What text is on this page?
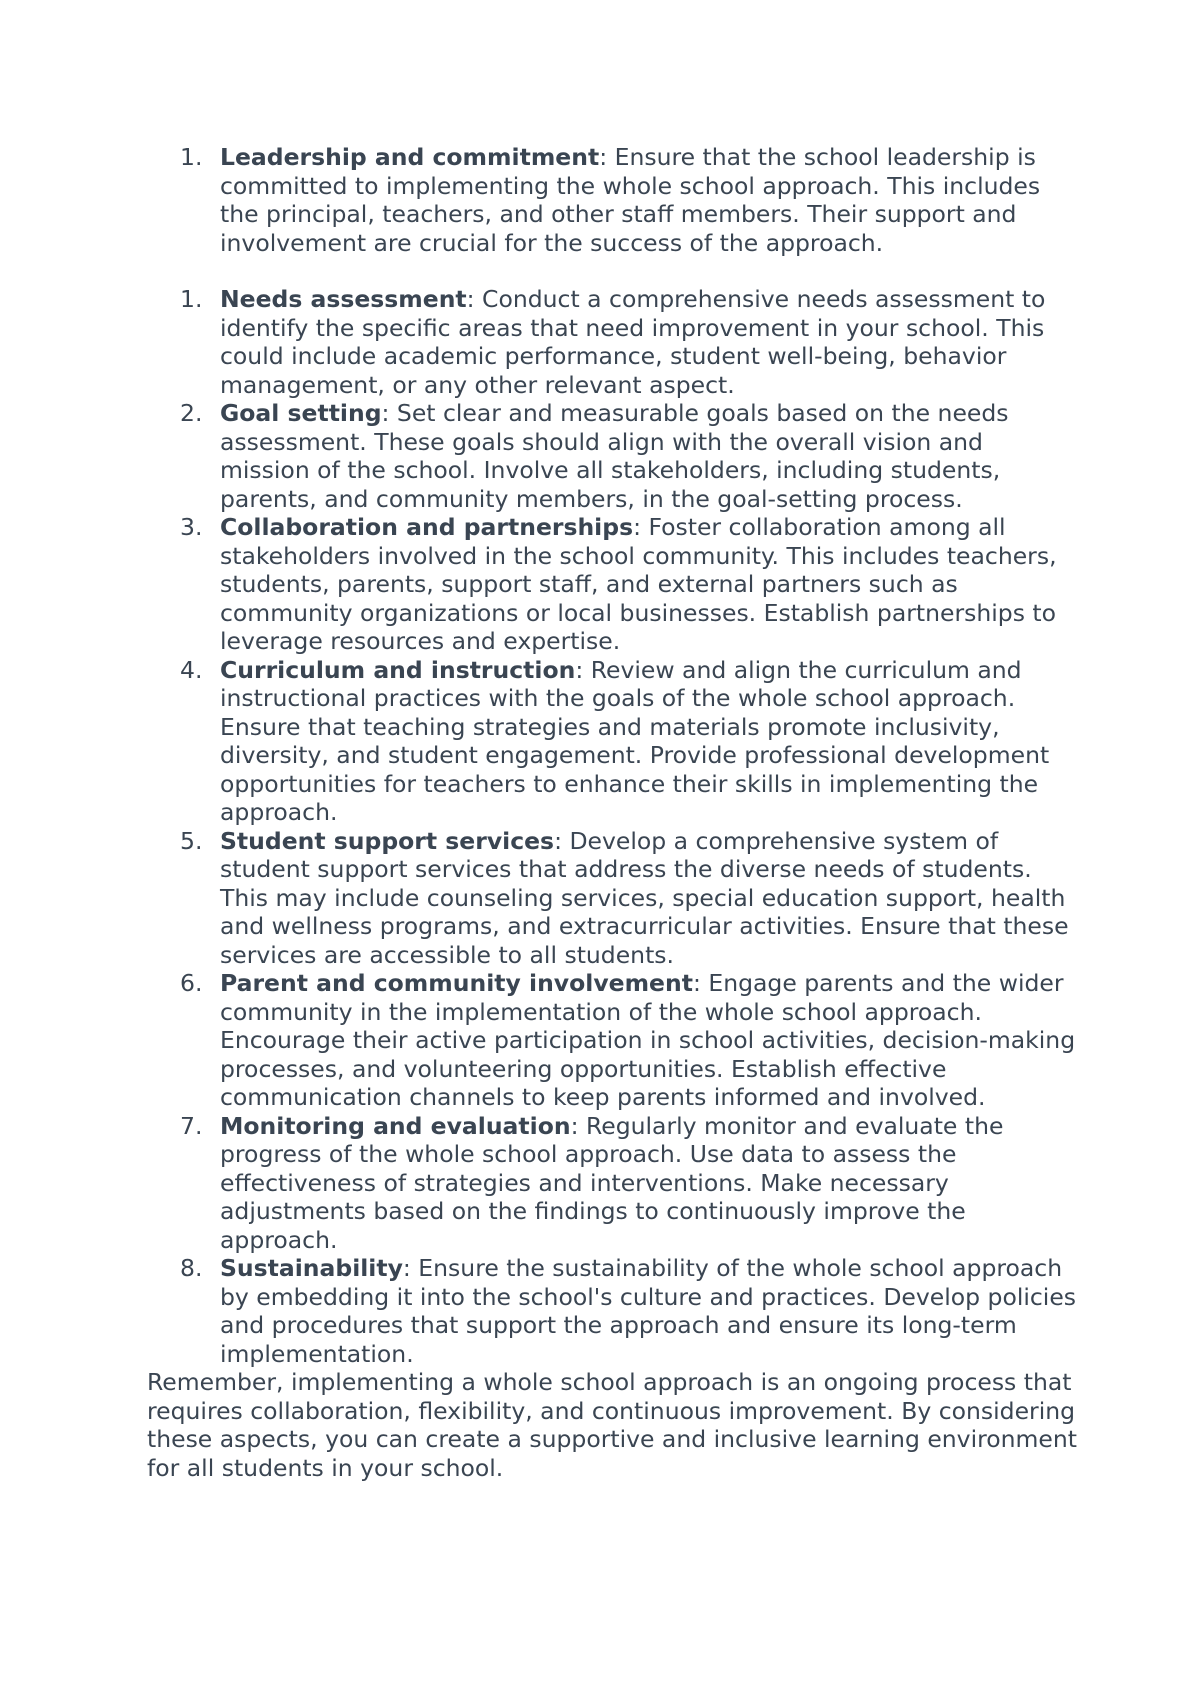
1. Leadership and commitment: Ensure that the school leadership is committed to implementing the whole school approach. This includes the principal, teachers, and other staff members. Their support and involvement are crucial for the success of the approach.
1. Needs assessment: Conduct a comprehensive needs assessment to identify the specific areas that need improvement in your school. This could include academic performance, student well-being, behavior management, or any other relevant aspect.
2. Goal setting: Set clear and measurable goals based on the needs assessment. These goals should align with the overall vision and mission of the school. Involve all stakeholders, including students, parents, and community members, in the goal-setting process.
3. Collaboration and partnerships: Foster collaboration among all stakeholders involved in the school community. This includes teachers, students, parents, support staff, and external partners such as community organizations or local businesses. Establish partnerships to leverage resources and expertise.
4. Curriculum and instruction: Review and align the curriculum and instructional practices with the goals of the whole school approach. Ensure that teaching strategies and materials promote inclusivity, diversity, and student engagement. Provide professional development opportunities for teachers to enhance their skills in implementing the approach.
5. Student support services: Develop a comprehensive system of student support services that address the diverse needs of students. This may include counseling services, special education support, health and wellness programs, and extracurricular activities. Ensure that these services are accessible to all students.
6. Parent and community involvement: Engage parents and the wider community in the implementation of the whole school approach. Encourage their active participation in school activities, decision-making processes, and volunteering opportunities. Establish effective communication channels to keep parents informed and involved.
7. Monitoring and evaluation: Regularly monitor and evaluate the progress of the whole school approach. Use data to assess the effectiveness of strategies and interventions. Make necessary adjustments based on the findings to continuously improve the approach.
8. Sustainability: Ensure the sustainability of the whole school approach by embedding it into the school's culture and practices. Develop policies and procedures that support the approach and ensure its long-term implementation.

Remember, implementing a whole school approach is an ongoing process that requires collaboration, flexibility, and continuous improvement. By considering these aspects, you can create a supportive and inclusive learning environment for all students in your school.
